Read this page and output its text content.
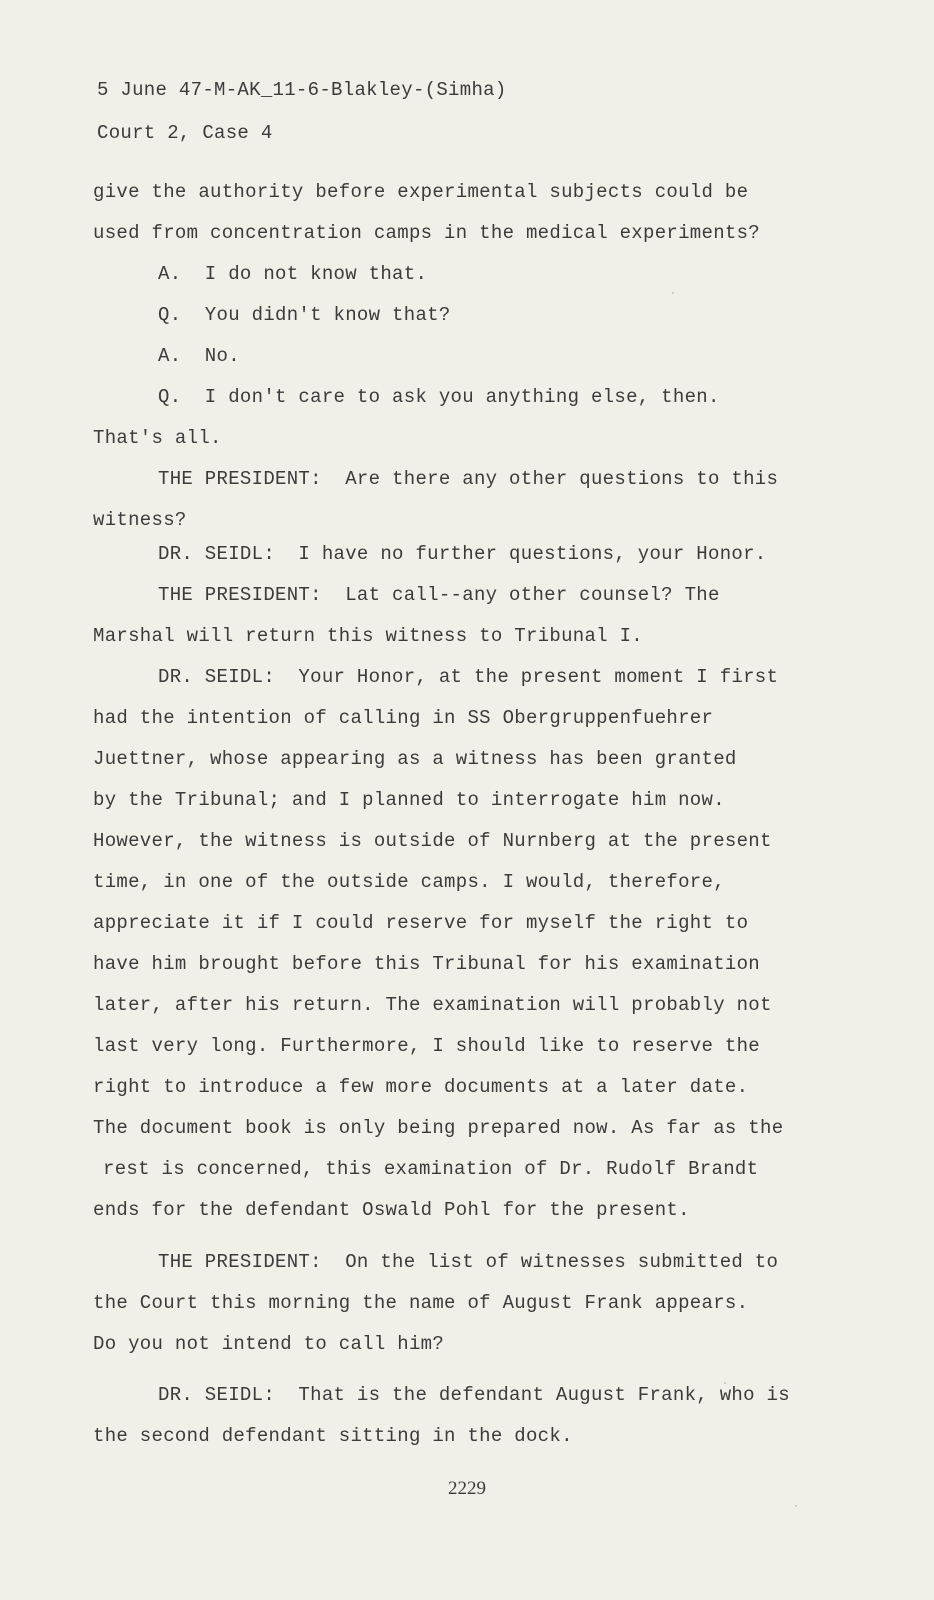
5 June 47-M-AK_11-6-Blakley-(Simha)
Court 2, Case 4
give the authority before experimental subjects could be
used from concentration camps in the medical experiments?
A.  I do not know that.
Q.  You didn't know that?
A.  No.
Q.  I don't care to ask you anything else, then.
That's all.
THE PRESIDENT:  Are there any other questions to this
witness?
DR. SEIDL:  I have no further questions, your Honor.
THE PRESIDENT:  Lat call--any other counsel? The
Marshal will return this witness to Tribunal I.
DR. SEIDL:  Your Honor, at the present moment I first
had the intention of calling in SS Obergruppenfuehrer
Juettner, whose appearing as a witness has been granted
by the Tribunal; and I planned to interrogate him now.
However, the witness is outside of Nurnberg at the present
time, in one of the outside camps. I would, therefore,
appreciate it if I could reserve for myself the right to
have him brought before this Tribunal for his examination
later, after his return. The examination will probably not
last very long. Furthermore, I should like to reserve the
right to introduce a few more documents at a later date.
The document book is only being prepared now. As far as the
rest is concerned, this examination of Dr. Rudolf Brandt
ends for the defendant Oswald Pohl for the present.
THE PRESIDENT:  On the list of witnesses submitted to
the Court this morning the name of August Frank appears.
Do you not intend to call him?
DR. SEIDL:  That is the defendant August Frank, who is
the second defendant sitting in the dock.
2229
